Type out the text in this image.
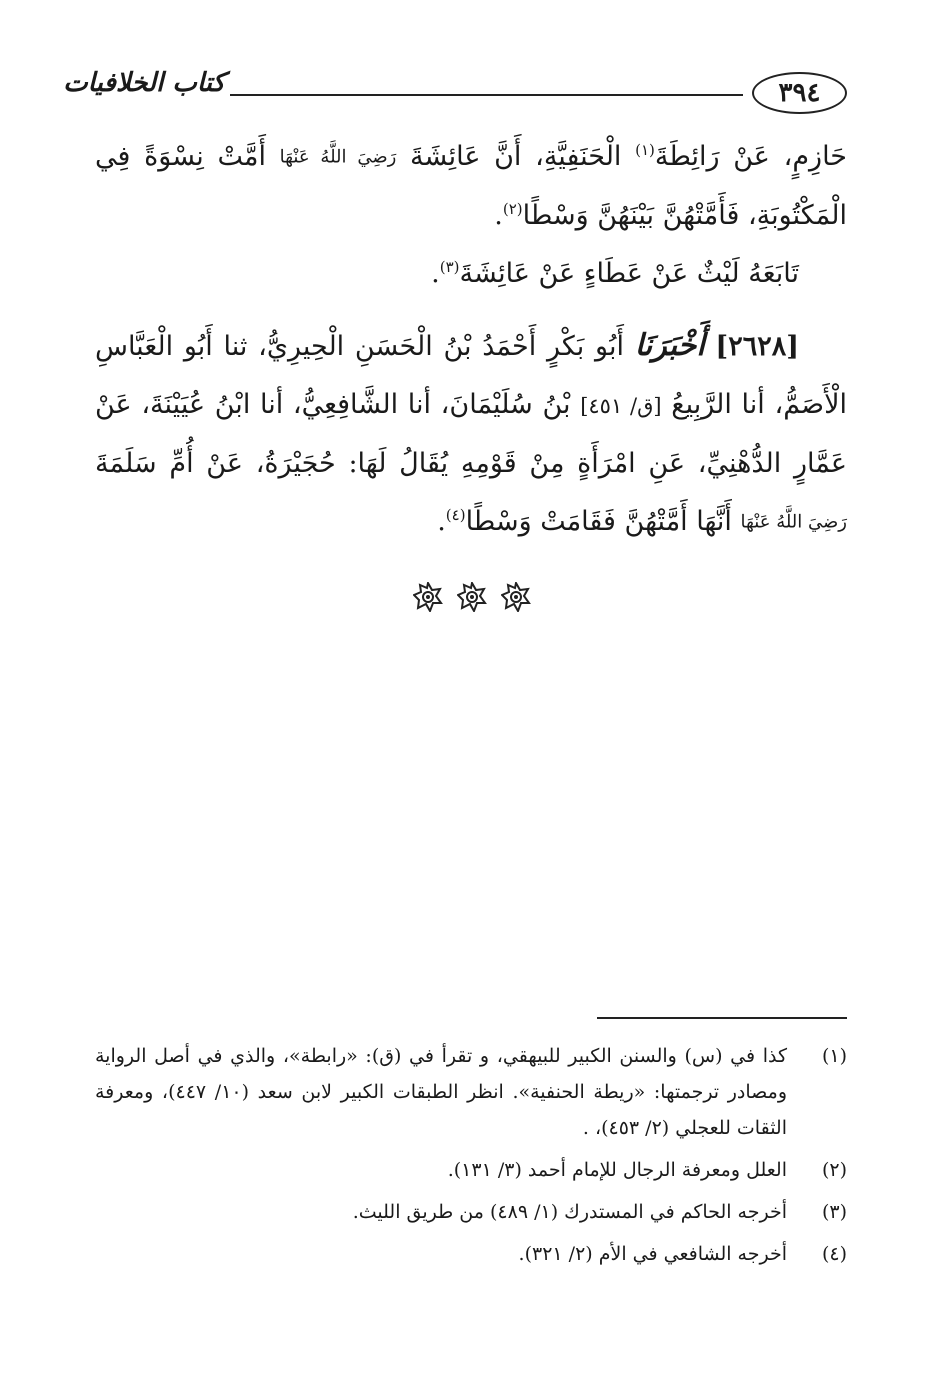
٣٩٤
كتاب الخلافيات

حَازِمٍ، عَنْ رَائِطَةَ$^{(١)}$ الْحَنَفِيَّةِ، أَنَّ عَائِشَةَ رَضِيَ اللَّهُ عَنْهَا أَمَّتْ نِسْوَةً فِي الْمَكْتُوبَةِ، فَأَمَّتْهُنَّ بَيْنَهُنَّ وَسْطًا$^{(٢)}$.

تَابَعَهُ لَيْثٌ عَنْ عَطَاءٍ عَنْ عَائِشَةَ$^{(٣)}$.

[٢٦٢٨] أَخْبَرَنَا أَبُو بَكْرٍ أَحْمَدُ بْنُ الْحَسَنِ الْحِيرِيُّ، ثنا أَبُو الْعَبَّاسِ الْأَصَمُّ، أنا الرَّبِيعُ [ق/ ٤٥١] بْنُ سُلَيْمَانَ، أنا الشَّافِعِيُّ، أنا ابْنُ عُيَيْنَةَ، عَنْ عَمَّارٍ الدُّهْنِيِّ، عَنِ امْرَأَةٍ مِنْ قَوْمِهِ يُقَالُ لَهَا: حُجَيْرَةُ، عَنْ أُمِّ سَلَمَةَ رَضِيَ اللَّهُ عَنْهَا أَنَّهَا أَمَّتْهُنَّ فَقَامَتْ وَسْطًا$^{(٤)}$.

(١)
كذا في (س) والسنن الكبير للبيهقي، و تقرأ في (ق): «رابطة»، والذي في أصل الرواية ومصادر ترجمتها: «ريطة الحنفية». انظر الطبقات الكبير لابن سعد (١٠/ ٤٤٧)، ومعرفة الثقات للعجلي (٢/ ٤٥٣)، .
(٢)
العلل ومعرفة الرجال للإمام أحمد (٣/ ١٣١).
(٣)
أخرجه الحاكم في المستدرك (١/ ٤٨٩) من طريق الليث.
(٤)
أخرجه الشافعي في الأم (٢/ ٣٢١).
